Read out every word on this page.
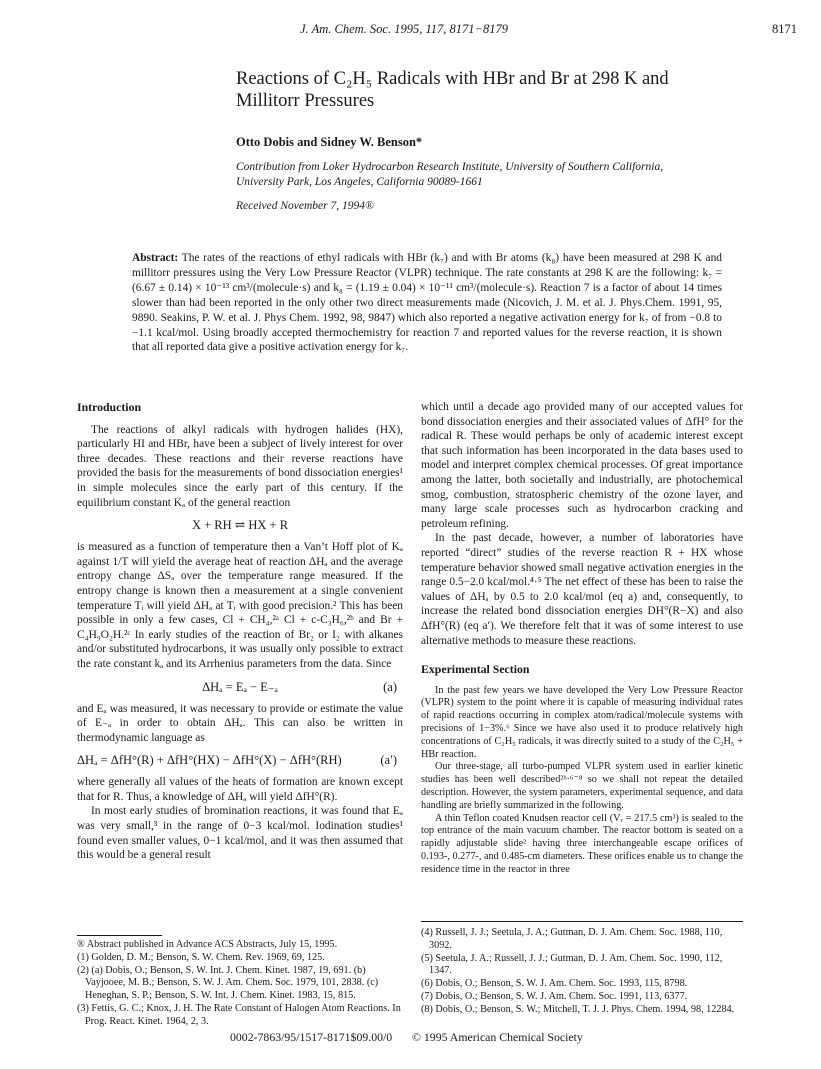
J. Am. Chem. Soc. 1995, 117, 8171−8179	8171
Reactions of C₂H₅ Radicals with HBr and Br at 298 K and
Millitorr Pressures
Otto Dobis and Sidney W. Benson*
Contribution from Loker Hydrocarbon Research Institute, University of Southern California,
University Park, Los Angeles, California 90089-1661
Received November 7, 1994®
Abstract: The rates of the reactions of ethyl radicals with HBr (k₇) and with Br atoms (k₈) have been measured at 298 K and millitorr pressures using the Very Low Pressure Reactor (VLPR) technique. The rate constants at 298 K are the following: k₇ = (6.67 ± 0.14) × 10⁻¹³ cm³/(molecule·s) and k₈ = (1.19 ± 0.04) × 10⁻¹¹ cm³/(molecule·s). Reaction 7 is a factor of about 14 times slower than had been reported in the only other two direct measurements made (Nicovich, J. M. et al. J. Phys.Chem. 1991, 95, 9890. Seakins, P. W. et al. J. Phys Chem. 1992, 98, 9847) which also reported a negative activation energy for k₇ of from −0.8 to −1.1 kcal/mol. Using broadly accepted thermochemistry for reaction 7 and reported values for the reverse reaction, it is shown that all reported data give a positive activation energy for k₇.
Introduction

The reactions of alkyl radicals with hydrogen halides (HX), particularly HI and HBr, have been a subject of lively interest for over three decades. These reactions and their reverse reactions have provided the basis for the measurements of bond dissociation energies¹ in simple molecules since the early part of this century. If the equilibrium constant Kₐ of the general reaction

X + RH ⇌ HX + R

is measured as a function of temperature then a Van’t Hoff plot of Kₐ against 1/T will yield the average heat of reaction ΔHₐ and the average entropy change ΔSₐ over the temperature range measured. If the entropy change is known then a measurement at a single convenient temperature Tᵢ will yield ΔHₐ at Tᵢ with good precision.² This has been possible in only a few cases, Cl + CH₄,²ᵃ Cl + c-C₃H₆,²ᵇ and Br + C₄H₉O₂H.²ᶜ In early studies of the reaction of Br₂ or I₂ with alkanes and/or substituted hydrocarbons, it was usually only possible to extract the rate constant kₐ and its Arrhenius parameters from the data. Since

ΔHₐ = Eₐ − E₋ₐ	(a)

and Eₐ was measured, it was necessary to provide or estimate the value of E₋ₐ in order to obtain ΔHₐ. This can also be written in thermodynamic language as

ΔHₐ = ΔfH°(R) + ΔfH°(HX) − ΔfH°(X) − ΔfH°(RH)	(a′)

where generally all values of the heats of formation are known except that for R. Thus, a knowledge of ΔHₐ will yield ΔfH°(R).

In most early studies of bromination reactions, it was found that Eₐ was very small,³ in the range of 0−3 kcal/mol. Iodination studies¹ found even smaller values, 0−1 kcal/mol, and it was then assumed that this would be a general result

which until a decade ago provided many of our accepted values for bond dissociation energies and their associated values of ΔfH° for the radical R. These would perhaps be only of academic interest except that such information has been incorporated in the data bases used to model and interpret complex chemical processes. Of great importance among the latter, both societally and industrially, are photochemical smog, combustion, stratospheric chemistry of the ozone layer, and many large scale processes such as hydrocarbon cracking and petroleum refining.

In the past decade, however, a number of laboratories have reported “direct” studies of the reverse reaction R + HX whose temperature behavior showed small negative activation energies in the range 0.5−2.0 kcal/mol.⁴·⁵ The net effect of these has been to raise the values of ΔHₐ by 0.5 to 2.0 kcal/mol (eq a) and, consequently, to increase the related bond dissociation energies DH°(R−X) and also ΔfH°(R) (eq a′). We therefore felt that it was of some interest to use alternative methods to measure these reactions.

Experimental Section

In the past few years we have developed the Very Low Pressure Reactor (VLPR) system to the point where it is capable of measuring individual rates of rapid reactions occurring in complex atom/radical/molecule systems with precisions of 1−3%.⁶ Since we have also used it to produce relatively high concentrations of C₂H₅ radicals, it was directly suited to a study of the C₂H₅ + HBr reaction.

Our three-stage, all turbo-pumped VLPR system used in earlier kinetic studies has been well described²ᵇ·⁶⁻⁸ so we shall not repeat the detailed description. However, the system parameters, experimental sequence, and data handling are briefly summarized in the following.

A thin Teflon coated Knudsen reactor cell (Vᵣ = 217.5 cm³) is sealed to the top entrance of the main vacuum chamber. The reactor bottom is seated on a rapidly adjustable slide² having three interchangeable escape orifices of 0.193-, 0.277-, and 0.485-cm diameters. These orifices enable us to change the residence time in the reactor in three

® Abstract published in Advance ACS Abstracts, July 15, 1995.
(1) Golden, D. M.; Benson, S. W. Chem. Rev. 1969, 69, 125.
(2) (a) Dobis, O.; Benson, S. W. Int. J. Chem. Kinet. 1987, 19, 691. (b) Vayjooee, M. B.; Benson, S. W. J. Am. Chem. Soc. 1979, 101, 2838. (c) Heneghan, S. P.; Benson, S. W. Int. J. Chem. Kinet. 1983, 15, 815.
(3) Fettis, G. C.; Knox, J. H. The Rate Constant of Halogen Atom Reactions. In Prog. React. Kinet. 1964, 2, 3.
(4) Russell, J. J.; Seetula, J. A.; Gutman, D. J. Am. Chem. Soc. 1988, 110, 3092.
(5) Seetula, J. A.; Russell, J. J.; Gutman, D. J. Am. Chem. Soc. 1990, 112, 1347.
(6) Dobis, O.; Benson, S. W. J. Am. Chem. Soc. 1993, 115, 8798.
(7) Dobis, O.; Benson, S. W. J. Am. Chem. Soc. 1991, 113, 6377.
(8) Dobis, O.; Benson, S. W.; Mitchell, T. J. J. Phys. Chem. 1994, 98, 12284.
0002-7863/95/1517-8171$09.00/0 © 1995 American Chemical Society
